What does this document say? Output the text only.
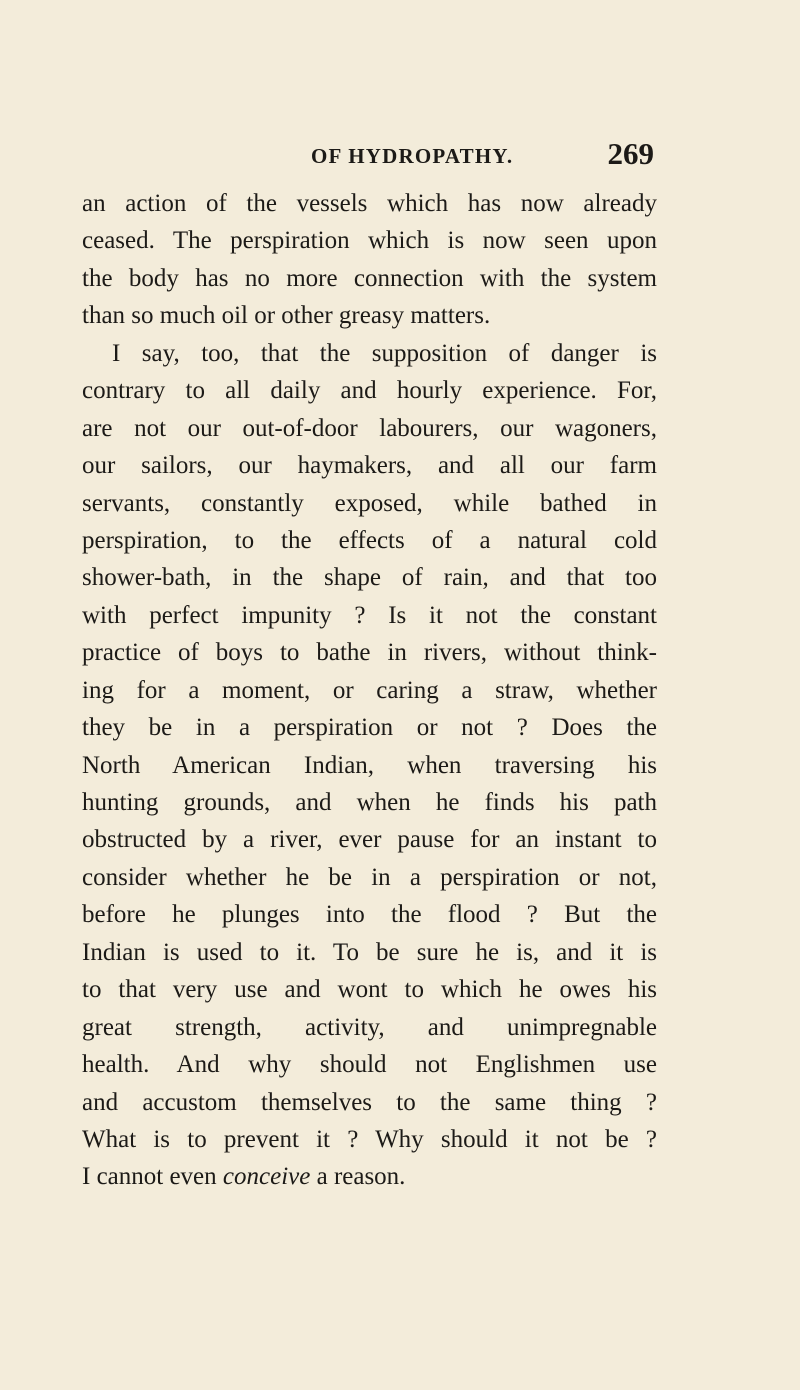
OF HYDROPATHY.	269
an action of the vessels which has now already
ceased. The perspiration which is now seen upon
the body has no more connection with the system
than so much oil or other greasy matters.
I say, too, that the supposition of danger is
contrary to all daily and hourly experience. For,
are not our out-of-door labourers, our wagoners,
our sailors, our haymakers, and all our farm
servants, constantly exposed, while bathed in
perspiration, to the effects of a natural cold
shower-bath, in the shape of rain, and that too
with perfect impunity ? Is it not the constant
practice of boys to bathe in rivers, without think-
ing for a moment, or caring a straw, whether
they be in a perspiration or not ? Does the
North American Indian, when traversing his
hunting grounds, and when he finds his path
obstructed by a river, ever pause for an instant to
consider whether he be in a perspiration or not,
before he plunges into the flood ? But the
Indian is used to it. To be sure he is, and it is
to that very use and wont to which he owes his
great strength, activity, and unimpregnable
health. And why should not Englishmen use
and accustom themselves to the same thing ?
What is to prevent it ? Why should it not be ?
I cannot even conceive a reason.
